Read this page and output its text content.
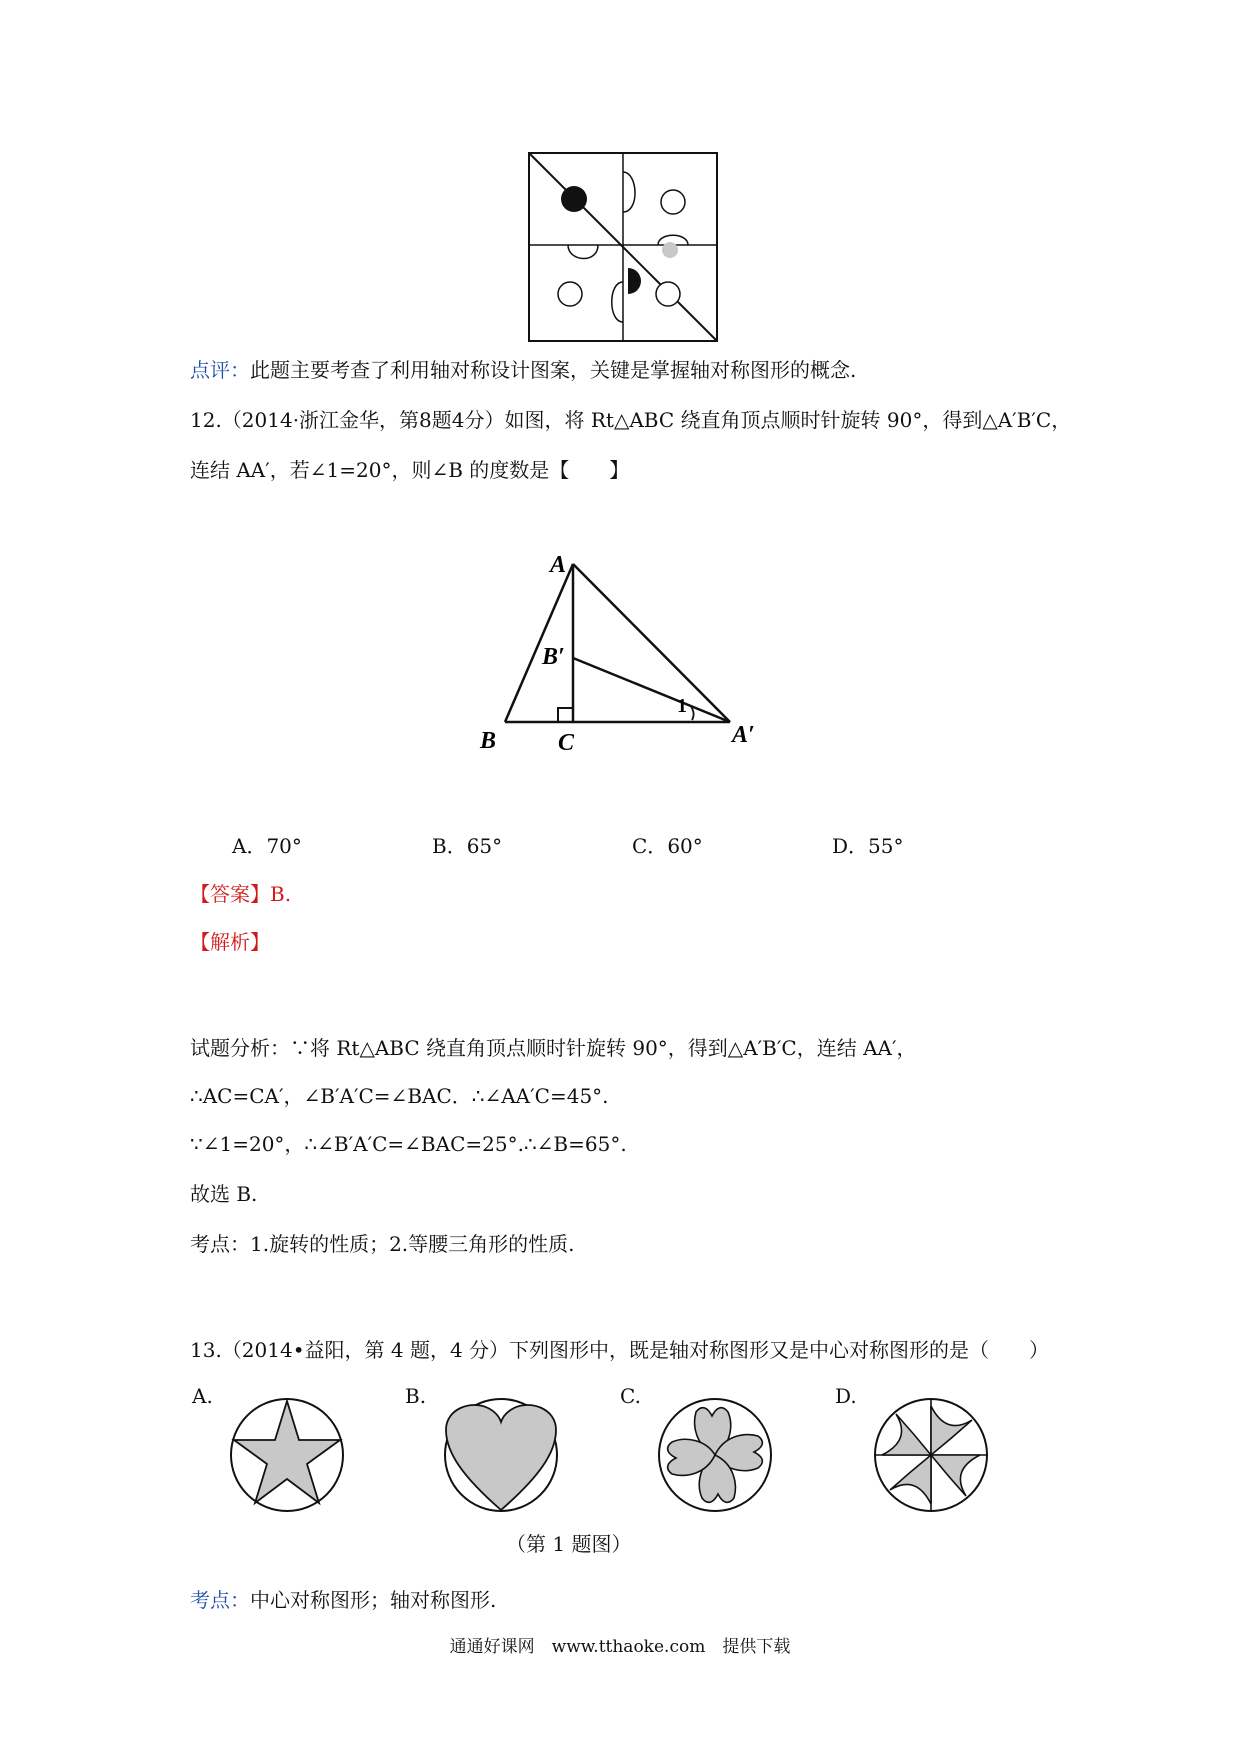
点评：此题主要考查了利用轴对称设计图案，关键是掌握轴对称图形的概念.
12.（2014·浙江金华，第8题4分）如图，将 Rt△ABC 绕直角顶点顺时针旋转 90°，得到△A′B′C，
连结 AA′，若∠1=20°，则∠B 的度数是【　　】
A
B	C
B′
A′
1
A．70°	B．65°	C．60°	D．55°
【答案】B.
【解析】
试题分析：∵将 Rt△ABC 绕直角顶点顺时针旋转 90°，得到△A′B′C，连结 AA′，
∴AC=CA′，∠B′A′C=∠BAC．∴∠AA′C=45°.
∵∠1=20°，∴∠B′A′C=∠BAC=25°.∴∠B=65°.
故选 B.
考点：1.旋转的性质；2.等腰三角形的性质.
13.（2014•益阳，第 4 题，4 分）下列图形中，既是轴对称图形又是中心对称图形的是（　　）
A.	B.	C.	D.
（第 1 题图）
考点：中心对称图形；轴对称图形.
通通好课网　www.tthaoke.com　提供下载
